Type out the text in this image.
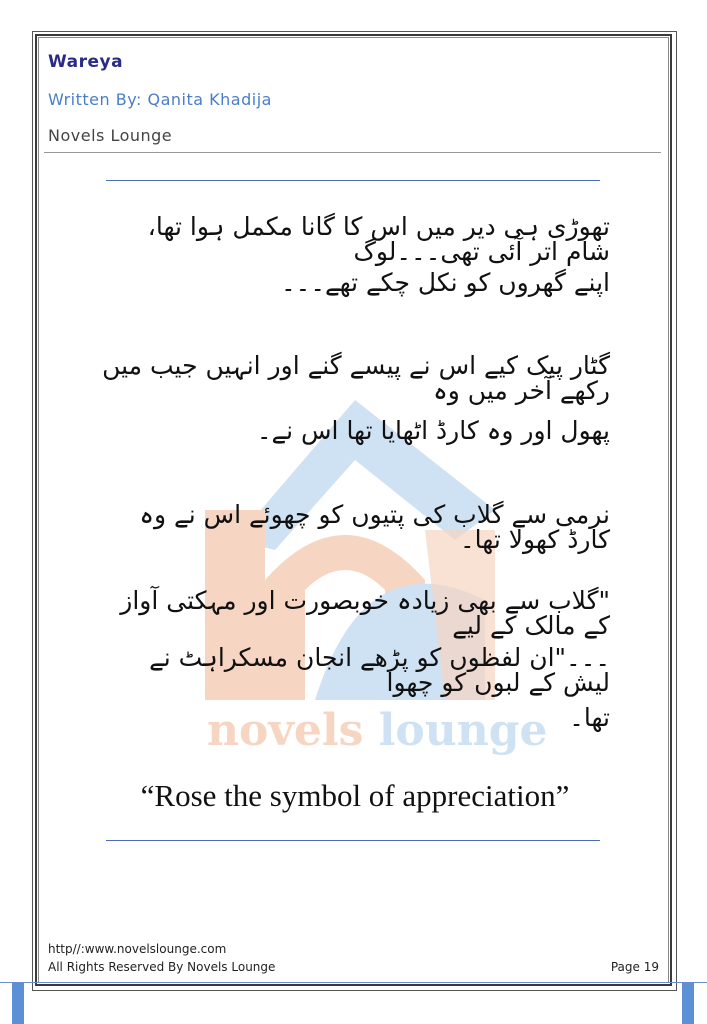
Wareya
Written By: Qanita Khadija
Novels Lounge
novels lounge
تھوڑی ہی دیر میں اس کا گانا مکمل ہوا تھا، شام اتر آئی تھی۔۔۔لوگ
اپنے گھروں کو نکل چکے تھے۔۔۔
گٹار پیک کیے اس نے پیسے گنے اور انہیں جیب میں رکھے آخر میں وہ
پھول اور وہ کارڈ اٹھایا تھا اس نے۔
نرمی سے گلاب کی پتیوں کو چھوئے اس نے وہ کارڈ کھولا تھا۔
"گلاب سے بھی زیادہ خوبصورت اور مہکتی آواز کے مالک کے لیے
۔۔۔"ان لفظوں کو پڑھے انجان مسکراہٹ نے لیش کے لبوں کو چھوا
تھا۔
“Rose the symbol of appreciation”
http//:www.novelslounge.com
All Rights Reserved By Novels Lounge	Page 19
